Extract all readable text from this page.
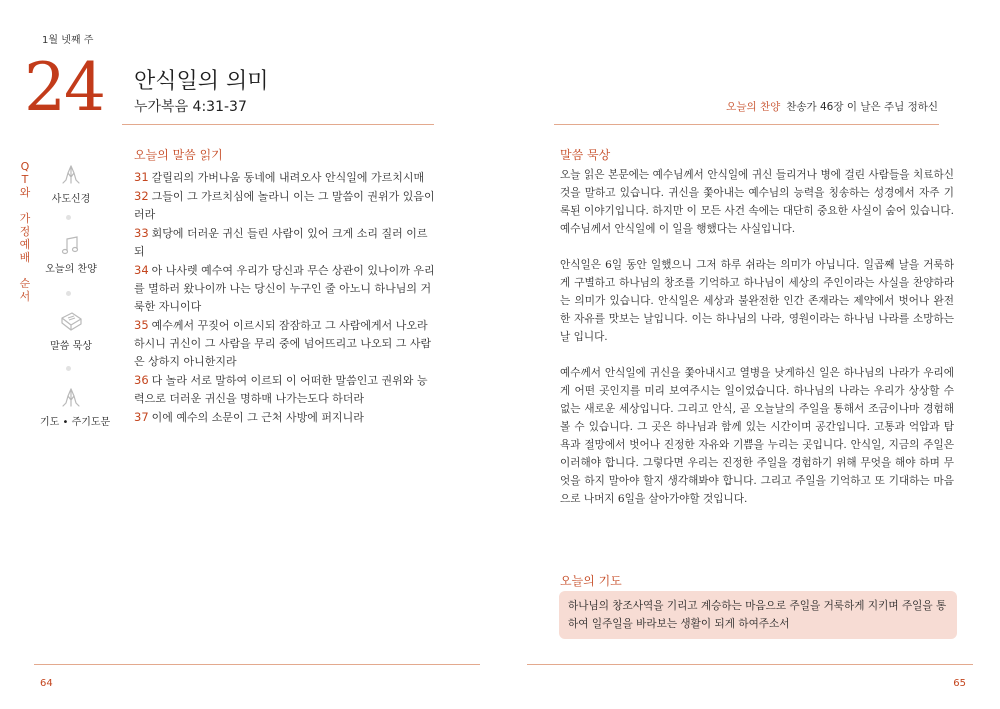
1월 넷째 주
24 안식일의 의미
누가복음 4:31-37	오늘의 찬양 찬송가 46장 이 날은 주님 정하신
Q
T
와
가
정
예
배
순
서
사도신경
오늘의 찬양
말씀 묵상
기도 • 주기도문
오늘의 말씀 읽기
31 갈릴리의 가버나움 동네에 내려오사 안식일에 가르치시매
32 그들이 그 가르치심에 놀라니 이는 그 말씀이 권위가 있음이러라
33 회당에 더러운 귀신 들린 사람이 있어 크게 소리 질러 이르되
34 아 나사렛 예수여 우리가 당신과 무슨 상관이 있나이까 우리를 멸하러 왔나이까 나는 당신이 누구인 줄 아노니 하나님의 거룩한 자니이다
35 예수께서 꾸짖어 이르시되 잠잠하고 그 사람에게서 나오라 하시니 귀신이 그 사람을 무리 중에 넘어뜨리고 나오되 그 사람은 상하지 아니한지라
36 다 놀라 서로 말하여 이르되 이 어떠한 말씀인고 권위와 능력으로 더러운 귀신을 명하매 나가는도다 하더라
37 이에 예수의 소문이 그 근처 사방에 퍼지니라
말씀 묵상

오늘 읽은 본문에는 예수님께서 안식일에 귀신 들리거나 병에 걸린 사람들을 치료하신 것을 말하고 있습니다. 귀신을 쫓아내는 예수님의 능력을 칭송하는 성경에서 자주 기록된 이야기입니다. 하지만 이 모든 사건 속에는 대단히 중요한 사실이 숨어 있습니다. 예수님께서 안식일에 이 일을 행했다는 사실입니다.

안식일은 6일 동안 일했으니 그저 하루 쉬라는 의미가 아닙니다. 일곱째 날을 거룩하게 구별하고 하나님의 창조를 기억하고 하나님이 세상의 주인이라는 사실을 찬양하라는 의미가 있습니다. 안식일은 세상과 불완전한 인간 존재라는 제약에서 벗어나 완전한 자유를 맛보는 날입니다. 이는 하나님의 나라, 영원이라는 하나님 나라를 소망하는 날 입니다.

예수께서 안식일에 귀신을 쫓아내시고 열병을 낫게하신 일은 하나님의 나라가 우리에게 어떤 곳인지를 미리 보여주시는 일이었습니다. 하나님의 나라는 우리가 상상할 수 없는 새로운 세상입니다. 그리고 안식, 곧 오늘날의 주일을 통해서 조금이나마 경험해 볼 수 있습니다. 그 곳은 하나님과 함께 있는 시간이며 공간입니다. 고통과 억압과 탐욕과 절망에서 벗어나 진정한 자유와 기쁨을 누리는 곳입니다. 안식일, 지금의 주일은 이러해야 합니다. 그렇다면 우리는 진정한 주일을 경험하기 위해 무엇을 해야 하며 무엇을 하지 말아야 할지 생각해봐야 합니다. 그리고 주일을 기억하고 또 기대하는 마음으로 나머지 6일을 살아가야할 것입니다.

오늘의 기도
하나님의 창조사역을 기리고 계승하는 마음으로 주일을 거룩하게 지키며 주일을 통하여 일주일을 바라보는 생활이 되게 하여주소서
64	65
